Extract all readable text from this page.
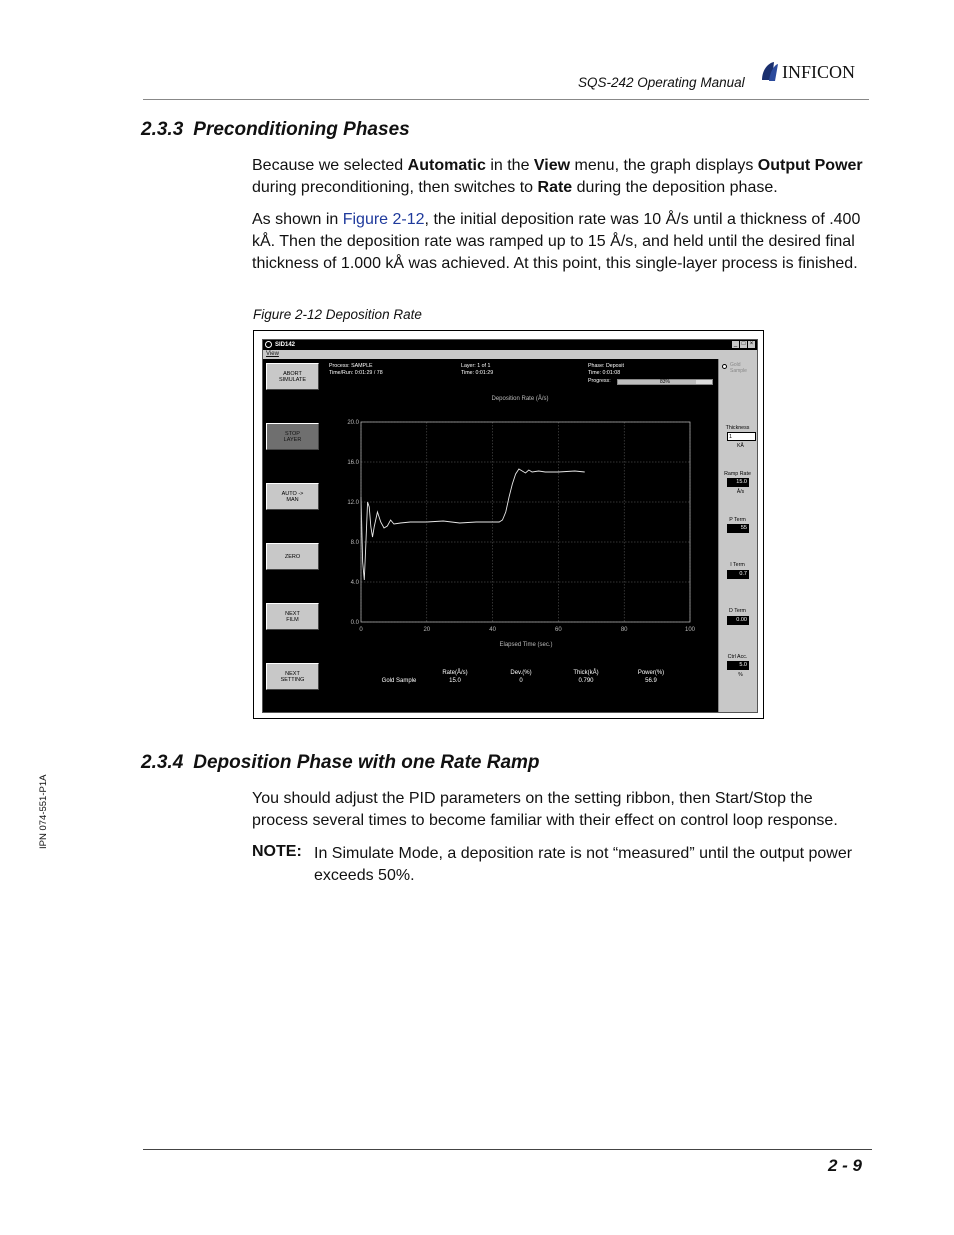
SQS-242 Operating Manual
INFICON
2.3.3 Preconditioning Phases

Because we selected Automatic in the View menu, the graph displays Output Power during preconditioning, then switches to Rate during the deposition phase.

As shown in Figure 2-12, the initial deposition rate was 10 Å/s until a thickness of .400 kÅ. Then the deposition rate was ramped up to 15 Å/s, and held until the desired final thickness of 1.000 kÅ was achieved. At this point, this single-layer process is finished.

Figure 2-12 Deposition Rate
SID142	_ □ ×
View
ABORT
SIMULATE
STOP
LAYER
AUTO ->
MAN
ZERO
NEXT
FILM
NEXT
SETTING
Process: SAMPLE
Time/Run: 0:01:29 / 78
Layer: 1 of 1
Time: 0:01:29
Phase: Deposit
Time: 0:01:08
Progress:	83%
Deposition Rate (Å/s)
Elapsed Time (sec.)
0	20	40	60	80	100
0.0
4.0
8.0
12.0
16.0
20.0
Gold Sample
Rate(Å/s)
15.0
Dev.(%)
0
Thick(kÅ)
0.790
Power(%)
56.9
Gold
Sample
Thickness
1
KÅ
Ramp Rate
15.0
Å/s
P Term
55
I Term
0.7
D Term
0.00
Ctrl Acc.
5.0
%
2.3.4 Deposition Phase with one Rate Ramp

You should adjust the PID parameters on the setting ribbon, then Start/Stop the process several times to become familiar with their effect on control loop response.

NOTE: In Simulate Mode, a deposition rate is not “measured” until the output power exceeds 50%.

IPN 074-551-P1A
2 - 9
